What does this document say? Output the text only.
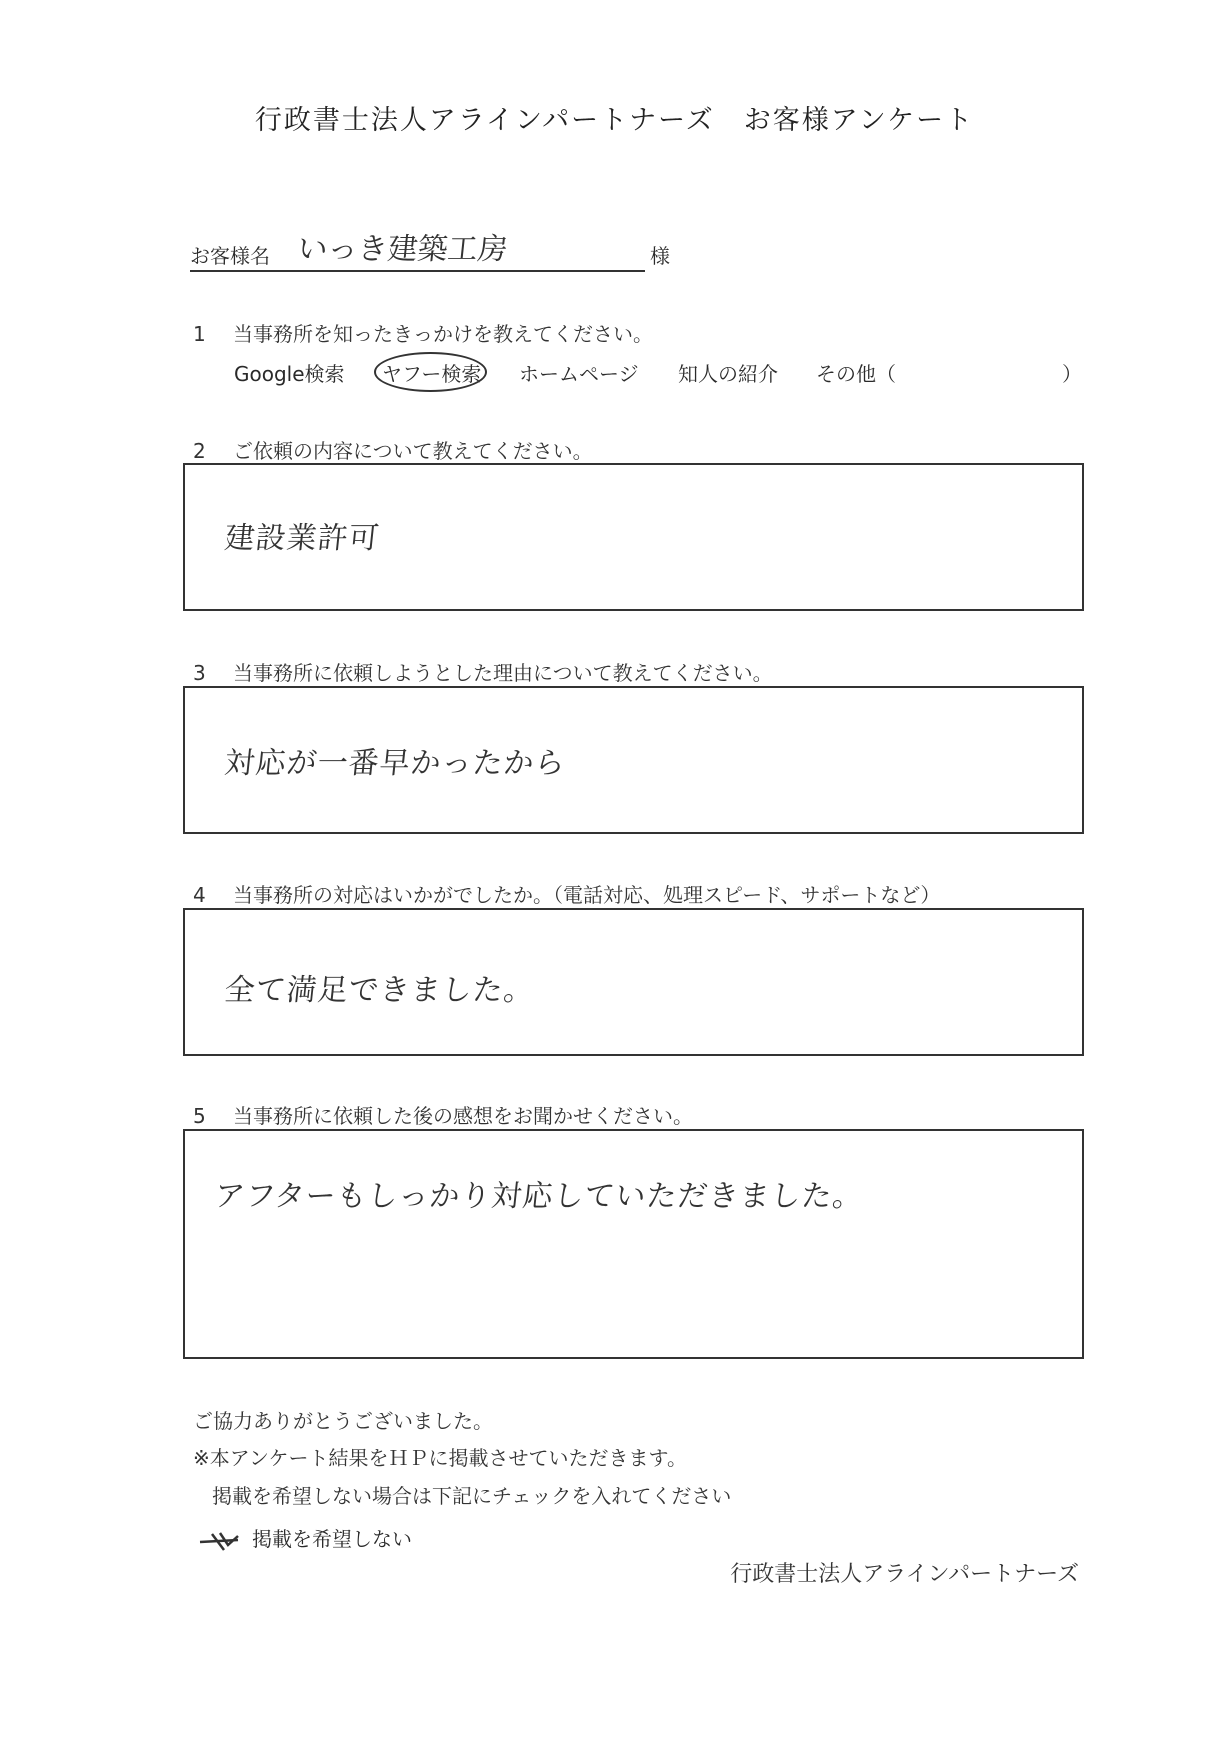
行政書士法人アラインパートナーズ　お客様アンケート
お客様名 いっき建築工房	様
1 当事務所を知ったきっかけを教えてください。
Google検索 ヤフー検索 ホームページ 知人の紹介 その他（	）
2 ご依頼の内容について教えてください。
建設業許可
3 当事務所に依頼しようとした理由について教えてください。
対応が一番早かったから
4 当事務所の対応はいかがでしたか。（電話対応、処理スピード、サポートなど）
全て満足できました。
5 当事務所に依頼した後の感想をお聞かせください。
アフターもしっかり対応していただきました。
ご協力ありがとうございました。
※本アンケート結果をＨＰに掲載させていただきます。
掲載を希望しない場合は下記にチェックを入れてください
掲載を希望しない
行政書士法人アラインパートナーズ
